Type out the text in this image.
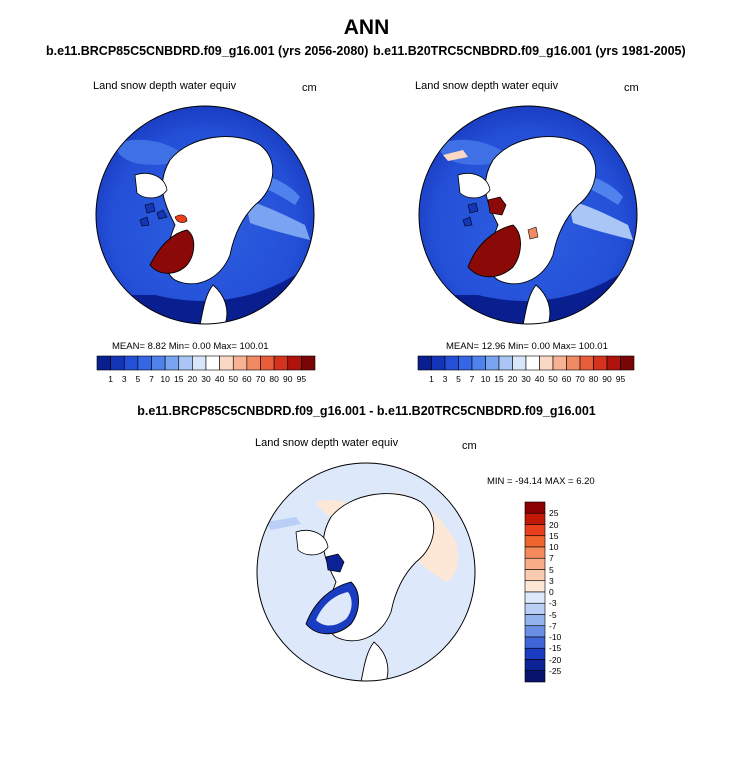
ANN
b.e11.BRCP85C5CNBDRD.f09_g16.001 (yrs 2056-2080) b.e11.B20TRC5CNBDRD.f09_g16.001 (yrs 1981-2005)
Land snow depth water equiv	cm	Land snow depth water equiv	cm
MEAN= 8.82 Min= 0.00 Max= 100.01	MEAN= 12.96 Min= 0.00 Max= 100.01
1 3 5 7 10 15 20 30 40 50 60 70 80 90 95	1 3 5 7 10 15 20 30 40 50 60 70 80 90 95
b.e11.BRCP85C5CNBDRD.f09_g16.001 - b.e11.B20TRC5CNBDRD.f09_g16.001
Land snow depth water equiv	cm
MIN = -94.14 MAX = 6.20
25
20
15
10
7
5
3
0
-3
-5
-7
-10
-15
-20
-25
